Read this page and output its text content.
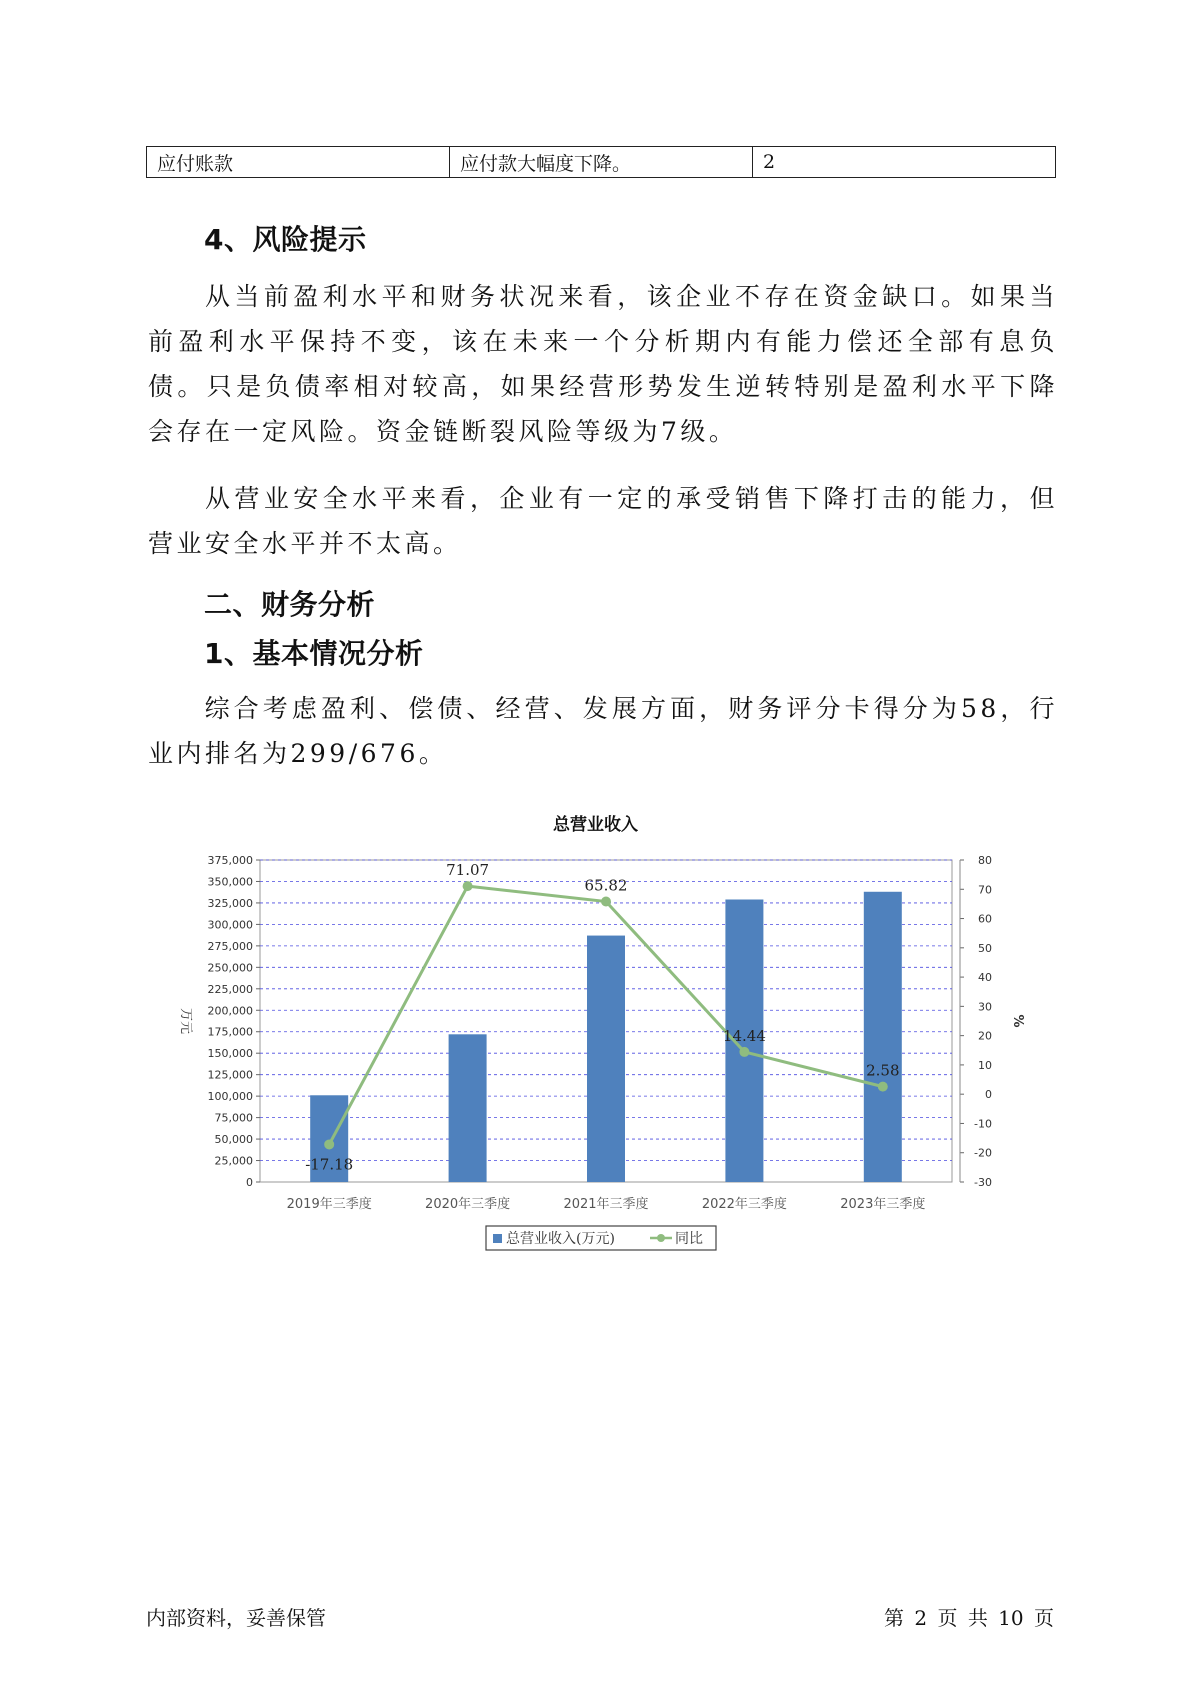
应付账款	应付款大幅度下降。	2
4、风险提示

从当前盈利水平和财务状况来看，该企业不存在资金缺口。如果当前盈利水平保持不变，该在未来一个分析期内有能力偿还全部有息负债。只是负债率相对较高，如果经营形势发生逆转特别是盈利水平下降会存在一定风险。资金链断裂风险等级为7级。

从营业安全水平来看，企业有一定的承受销售下降打击的能力，但营业安全水平并不太高。

二、财务分析
1、基本情况分析

综合考虑盈利、偿债、经营、发展方面，财务评分卡得分为58，行业内排名为299/676。

总营业收入
0
25,000
50,000
75,000
100,000
125,000
150,000
175,000
200,000
225,000
250,000
275,000
300,000
325,000
350,000
375,000
-30
-20
-10
0
10
20
30
40
50
60
70
80
万元	%
2019年三季度	2020年三季度	2021年三季度	2022年三季度	2023年三季度
-17.18
71.07
65.82
14.44
2.58
总营业收入(万元)	同比
内部资料，妥善保管	第 2 页 共 10 页
